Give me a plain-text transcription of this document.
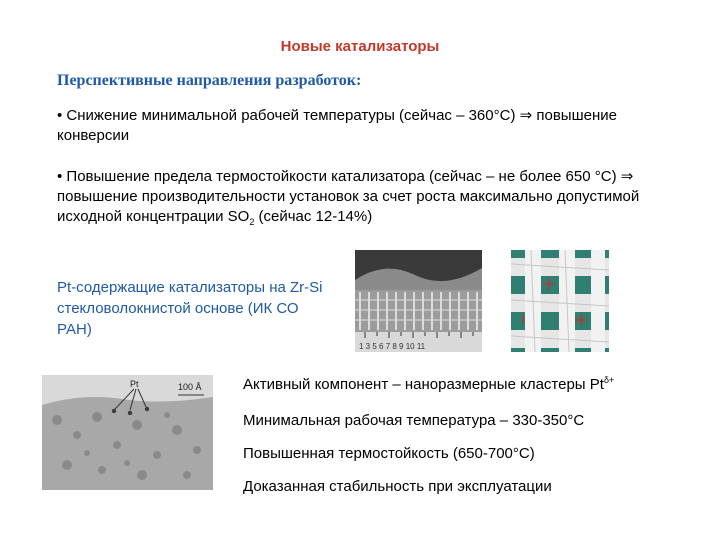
Новые катализаторы
Перспективные направления разработок:
• Снижение минимальной рабочей температуры (сейчас – 360°С) ⇒ повышение конверсии
• Повышение предела термостойкости катализатора (сейчас – не более 650 °С) ⇒ повышение производительности установок за счет роста максимально допустимой исходной концентрации $SO_2$ (сейчас 12-14%)
Pt-содержащие катализаторы на Zr-Si стекловолокнистой основе (ИК СО РАН)
1 3 5 6 7 8 9 10 11
Pt	100 Å	Активный компонент – наноразмерные кластеры $Pt^{\delta+}$
Минимальная рабочая температура – 330-350°С
Повышенная термостойкость (650-700°С)
Доказанная стабильность при эксплуатации
